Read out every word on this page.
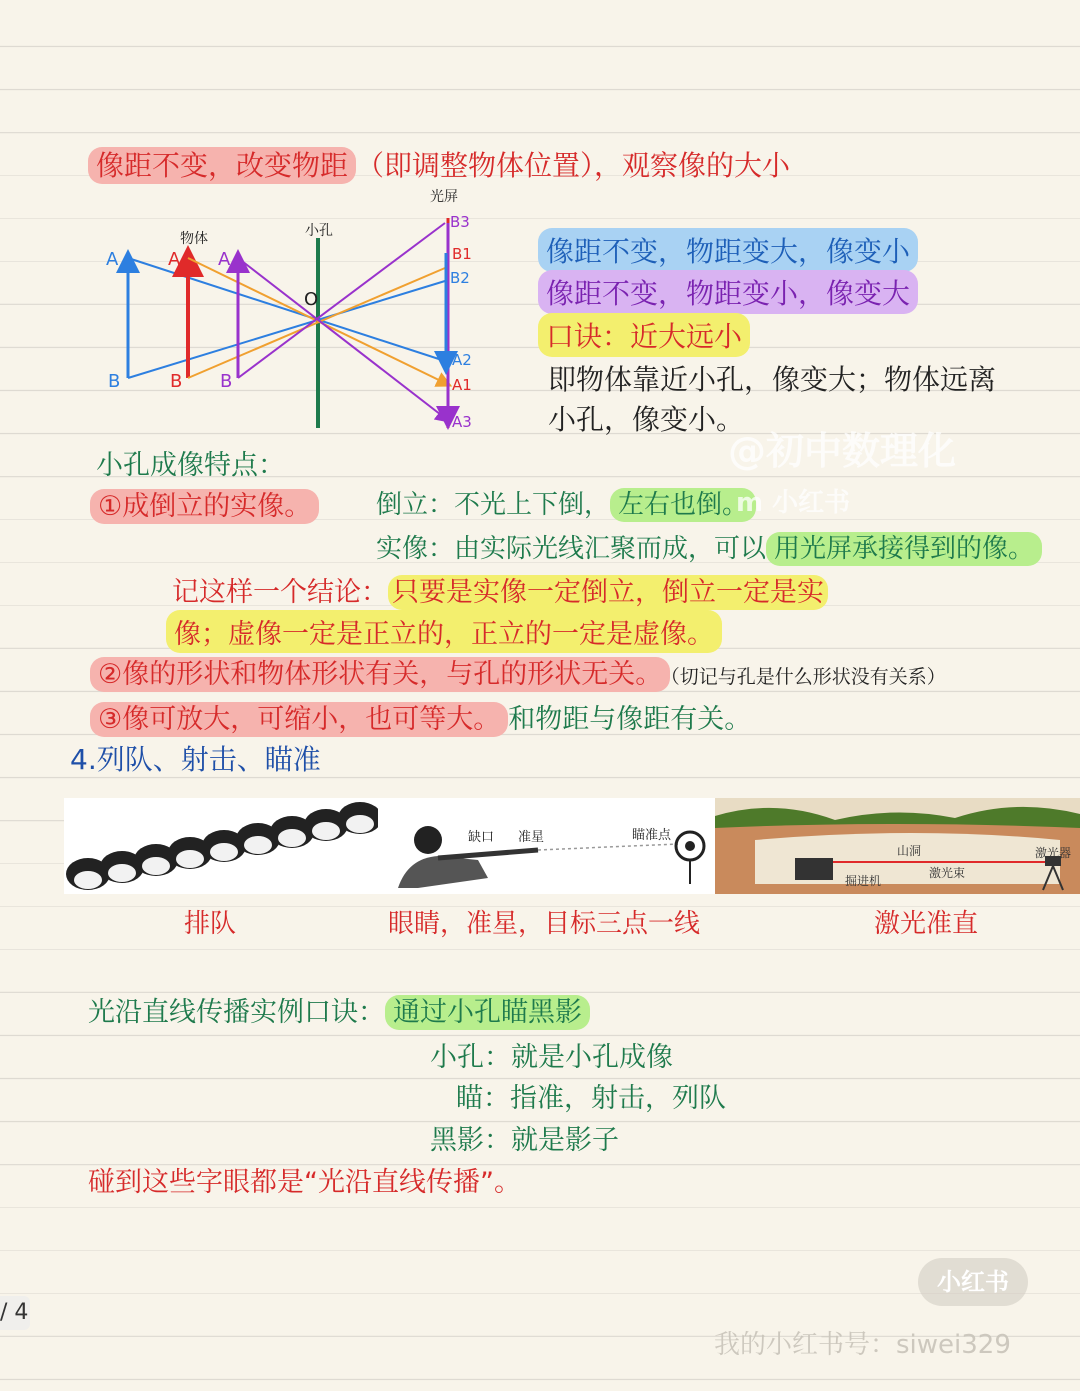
像距不变，改变物距 （即调整物体位置），观察像的大小
物体	小孔
光屏
O
A	A A
B	B B
B3
B1
B2
A2
A1
A3
像距不变，物距变大，像变小
像距不变，物距变小，像变大
口诀：近大远小
即物体靠近小孔，像变大；物体远离
小孔，像变小。
小孔成像特点：
①成倒立的实像。	倒立：不光上下倒， 左右也倒。
实像：由实际光线汇聚而成，可以 用光屏承接得到的像。
记这样一个结论： 只要是实像一定倒立，倒立一定是实
像；虚像一定是正立的，正立的一定是虚像。
②像的形状和物体形状有关，与孔的形状无关。 （切记与孔是什么形状没有关系）
③像可放大，可缩小，也可等大。 和物距与像距有关。
4.列队、射击、瞄准
缺口 准星	瞄准点
山洞
激光束
激光器
掘进机
排队	眼睛，准星，目标三点一线	激光准直
光沿直线传播实例口诀： 通过小孔瞄黑影
小孔：就是小孔成像
瞄：指准，射击，列队
黑影：就是影子
碰到这些字眼都是“光沿直线传播”。
/ 4
@初中数理化
m 小红书
小红书
我的小红书号：siwei329
